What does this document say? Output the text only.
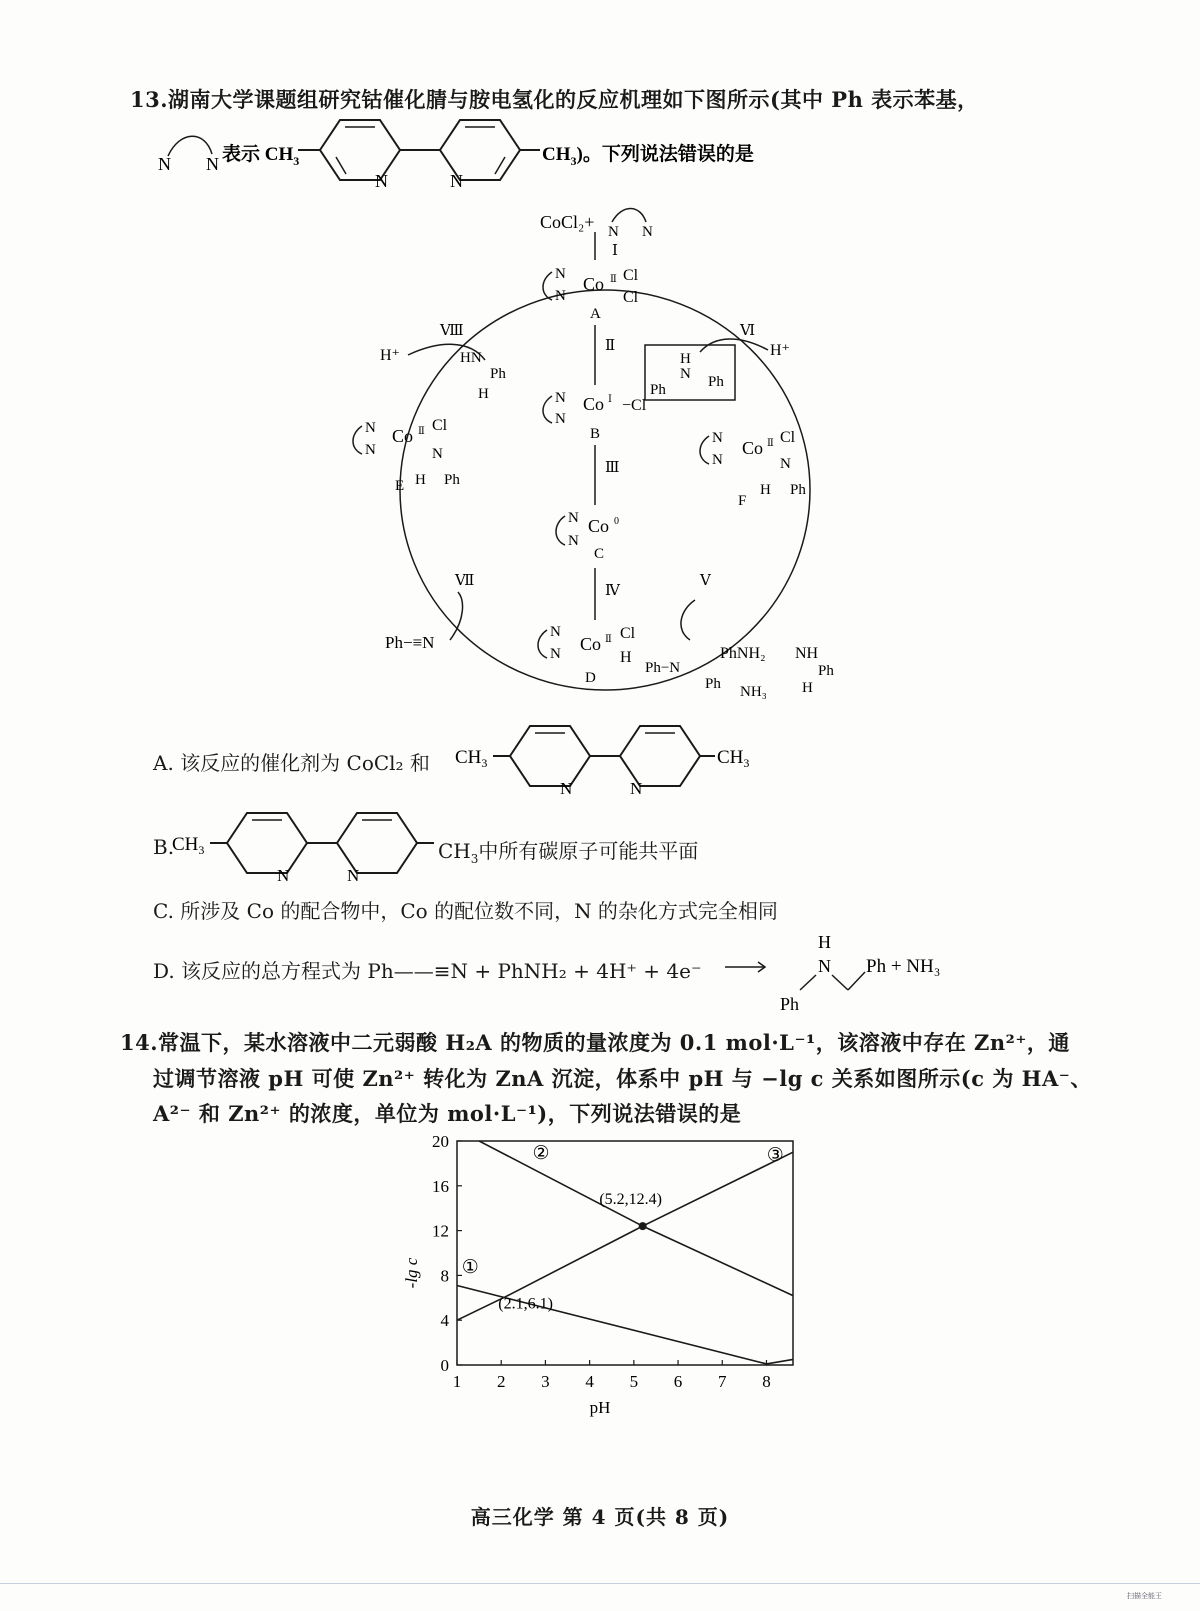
13.湖南大学课题组研究钴催化腈与胺电氢化的反应机理如下图所示(其中 Ph 表示苯基，
N N
N	N
表示 $CH_3$	$CH_3$)。下列说法错误的是
CoCl₂+ N N
Ⅰ
N
N
Co Ⅱ Cl
Cl
A
Ⅱ
N
N
Co Ⅰ −Cl
B
Ⅲ
N
N
Co 0
C
Ⅳ
N
N Co Ⅱ Cl
H
D
N
N
Co Ⅱ Cl
N
H Ph
E
N
N
Co Ⅱ Cl
N
H Ph
F
Ⅷ	Ⅵ
Ⅶ	Ⅴ
H⁺	HN
Ph
H
H
N
Ph	Ph
H⁺
Ph−≡N
PhNH₂ NH
Ph
H
Ph−N
Ph NH₃
A. 该反应的催化剂为 CoCl₂ 和 $CH_3$
N	N
$CH_3$
B.
$CH_3$
N	N
$CH_3$中所有碳原子可能共平面
C. 所涉及 Co 的配合物中，Co 的配位数不同，N 的杂化方式完全相同
D. 该反应的总方程式为 Ph——≡N + PhNH₂ + 4H⁺ + 4e⁻
H
N
Ph
Ph + NH₃
14.常温下，某水溶液中二元弱酸 H₂A 的物质的量浓度为 0.1 mol·L⁻¹，该溶液中存在 Zn²⁺，通
过调节溶液 pH 可使 Zn²⁺ 转化为 ZnA 沉淀，体系中 pH 与 −lg c 关系如图所示(c 为 HA⁻、
A²⁻ 和 Zn²⁺ 的浓度，单位为 mol·L⁻¹)，下列说法错误的是
1 2 3 4 5 6 7 8
0
4
8
12
16
20
pH
-lg c ①
②	③
(5.2,12.4)
(2.1,6.1)
高三化学 第 4 页(共 8 页)
扫描全能王
